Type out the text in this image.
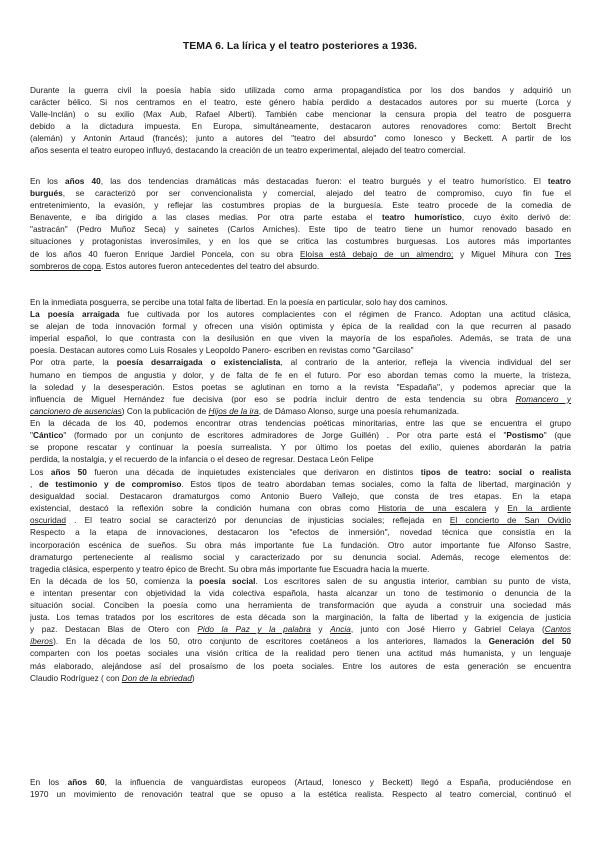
TEMA 6. La lírica y el teatro posteriores a 1936.
Durante la guerra civil la poesía había sido utilizada como arma propagandística por los dos bandos y adquirió un
carácter bélico. Si nos centramos en el teatro, este género había perdido a destacados autores por su muerte (Lorca y
Valle-Inclán) o su exilio (Max Aub, Rafael Alberti). También cabe mencionar la censura propia del teatro de posguerra
debido a la dictadura impuesta. En Europa, simultáneamente, destacaron autores renovadores como: Bertolt Brecht
(alemán) y Antonin Artaud (francés); junto a autores del "teatro del absurdo" como Ionesco y Beckett. A partir de los
años sesenta el teatro europeo influyó, destacando la creación de un teatro experimental, alejado del teatro comercial.
En los años 40, las dos tendencias dramáticas más destacadas fueron: el teatro burgués y el teatro humorístico. El teatro
burgués, se caracterizó por ser convencionalista y comercial, alejado del teatro de compromiso, cuyo fin fue el
entretenimiento, la evasión, y reflejar las costumbres propias de la burguesía. Este teatro procede de la comedia de
Benavente, e iba dirigido a las clases medias. Por otra parte estaba el teatro humorístico, cuyo éxito derivó de:
"astracán" (Pedro Muñoz Seca) y sainetes (Carlos Arniches). Este tipo de teatro tiene un humor renovado basado en
situaciones y protagonistas inverosímiles, y en los que se critica las costumbres burguesas. Los autores más importantes
de los años 40 fueron Enrique Jardiel Poncela, con su obra Eloísa está debajo de un almendro; y Miguel Mihura con Tres
sombreros de copa. Estos autores fueron antecedentes del teatro del absurdo.
En la inmediata posguerra, se percibe una total falta de libertad. En la poesía en particular, solo hay dos caminos.
La poesía arraigada fue cultivada por los autores complacientes con el régimen de Franco. Adoptan una actitud clásica,
se alejan de toda innovación formal y ofrecen una visión optimista y épica de la realidad con la que recurren al pasado
imperial español, lo que contrasta con la desilusión en que viven la mayoría de los españoles. Además, se trata de una
poesía. Destacan autores como Luis Rosales y Leopoldo Panero- escriben en revistas como "Garcilaso"
Por otra parte, la poesía desarraigada o existencialista, al contrario de la anterior, refleja la vivencia individual del ser
humano en tiempos de angustia y dolor, y de falta de fe en el futuro. Por eso abordan temas como la muerte, la tristeza,
la soledad y la desesperación. Estos poetas se aglutinan en torno a la revista "Espadaña", y podemos apreciar que la
influencia de Miguel Hernández fue decisiva (por eso se podría incluir dentro de esta tendencia su obra Romancero y
cancionero de ausencias) Con la publicación de Hijos de la ira, de Dámaso Alonso, surge una poesía rehumanizada.
En la década de los 40, podemos encontrar otras tendencias poéticas minoritarias, entre las que se encuentra el grupo
"Cántico" (formado por un conjunto de escritores admiradores de Jorge Guillén) . Por otra parte está el "Postismo" (que
se propone rescatar y continuar la poesía surrealista. Y por último los poetas del exilio, quienes abordarán la patria
perdida, la nostalgia, y el recuerdo de la infancia o el deseo de regresar. Destaca León Felipe
Los años 50 fueron una década de inquietudes existenciales que derivaron en distintos tipos de teatro: social o realista
, de testimonio y de compromiso. Estos tipos de teatro abordaban temas sociales, como la falta de libertad, marginación y
desigualdad social. Destacaron dramaturgos como Antonio Buero Vallejo, que consta de tres etapas. En la etapa
existencial, destacó la reflexión sobre la condición humana con obras como Historia de una escalera y En la ardiente
oscuridad . El teatro social se caracterizó por denuncias de injusticias sociales; reflejada en El concierto de San Ovidio
Respecto a la etapa de innovaciones, destacaron los "efectos de inmersión", novedad técnica que consistía en la
incorporación escénica de sueños. Su obra más importante fue La fundación. Otro autor importante fue Alfonso Sastre,
dramaturgo perteneciente al realismo social y caracterizado por su denuncia social. Además, recoge elementos de:
tragedia clásica, esperpento y teatro épico de Brecht. Su obra más importante fue Escuadra hacia la muerte.
En la década de los 50, comienza la poesía social. Los escritores salen de su angustia interior, cambian su punto de vista,
e intentan presentar con objetividad la vida colectiva española, hasta alcanzar un tono de testimonio o denuncia de la
situación social. Conciben la poesía como una herramienta de transformación que ayuda a construir una sociedad más
justa. Los temas tratados por los escritores de esta década son la marginación, la falta de libertad y la exigencia de justicia
y paz. Destacan Blas de Otero con Pido la Paz y la palabra y Ancia, junto con José Hierro y Gabriel Celaya (Cantos
íberos). En la década de los 50, otro conjunto de escritores coetáneos a los anteriores, llamados la Generación del 50
comparten con los poetas sociales una visión crítica de la realidad pero tienen una actitud más humanista, y un lenguaje
más elaborado, alejándose así del prosaísmo de los poeta sociales. Entre los autores de esta generación se encuentra
Claudio Rodríguez ( con Don de la ebriedad)
En los años 60, la influencia de vanguardistas europeos (Artaud, Ionesco y Beckett) llegó a España, produciéndose en
1970 un movimiento de renovación teatral que se opuso a la estética realista. Respecto al teatro comercial, continuó el
